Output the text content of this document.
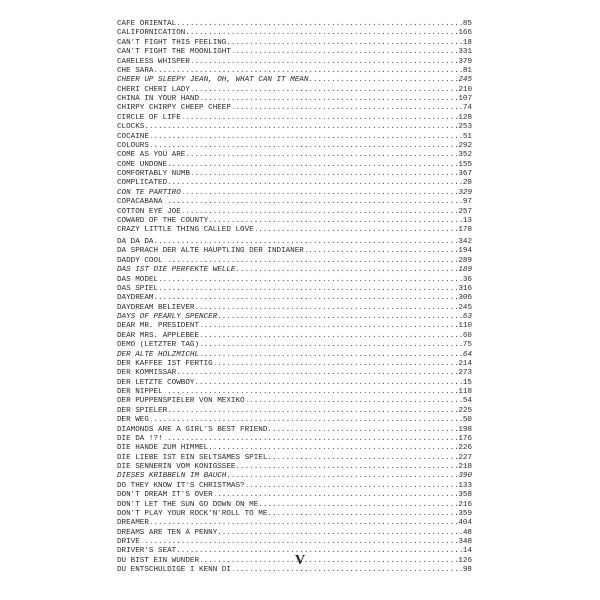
.....
CAFÉ ORIENTAL	85
.....
CALIFORNICATION	166
.....
CAN’T FIGHT THIS FEELING	18
.....
CAN’T FIGHT THE MOONLIGHT	331
.....
CARELESS WHISPER	379
.....
CHE SARÀ	81
.....
CHEER UP SLEEPY JEAN, OH, WHAT CAN IT MEAN	245
.....
CHERI CHERI LADY	210
.....
CHINA IN YOUR HAND	107
.....
CHIRPY CHIRPY CHEEP CHEEP	74
.....
CIRCLE OF LIFE	128
.....
CLOCKS	253
.....
COCAINE	51
.....
COLOURS	292
.....
COME AS YOU ARE	352
.....
COME UNDONE	155
.....
COMFORTABLY NUMB	367
.....
COMPLICATED	20
.....
CON TE PARTIRÒ	329
.....
COPACABANA	97
.....
COTTON EYE JOE	257
.....
COWARD OF THE COUNTY	13
.....
CRAZY LITTLE THING CALLED LOVE	178
.....
DA DA DA	342
.....
DA SPRACH DER ALTE HÄUPTLING DER INDIANER	194
.....
DADDY COOL	289
.....
DAS IST DIE PERFEKTE WELLE	189
.....
DAS MODEL	36
.....
DAS SPIEL	316
.....
DAYDREAM	306
.....
DAYDREAM BELIEVER	245
.....
DAYS OF PEARLY SPENCER	63
.....
DEAR MR. PRESIDENT	110
.....
DEAR MRS. APPLEBEE	60
.....
DEMO (LETZTER TAG)	75
.....
DER ALTE HOLZMICHL	64
.....
DER KAFFEE IST FERTIG	214
.....
DER KOMMISSAR	273
.....
DER LETZTE COWBOY	15
.....
DER NIPPEL	118
.....
DER PUPPENSPIELER VON MEXIKO	54
.....
DER SPIELER	225
.....
DER WEG	50
.....
DIAMONDS ARE A GIRL’S BEST FRIEND	198
.....
DIE DA !?!	176
.....
DIE HÄNDE ZUM HIMMEL	226
.....
DIE LIEBE IST EIN SELTSAMES SPIEL	227
.....
DIE SENNERIN VOM KÖNIGSSEE	218
.....
DIESES KRIBBELN IM BAUCH	390
.....
DO THEY KNOW IT’S CHRISTMAS?	133
.....
DON’T DREAM IT’S OVER	358
.....
DON’T LET THE SUN GO DOWN ON ME	216
.....
DON’T PLAY YOUR ROCK’N’ROLL TO ME	359
.....
DREAMER	404
.....
DREAMS ARE TEN A PENNY	48
.....
DRIVE	348
.....
DRIVER’S SEAT	14
.....
DU BIST EIN WUNDER	126
.....
DU ENTSCHULDIGE I KENN DI	98
V
